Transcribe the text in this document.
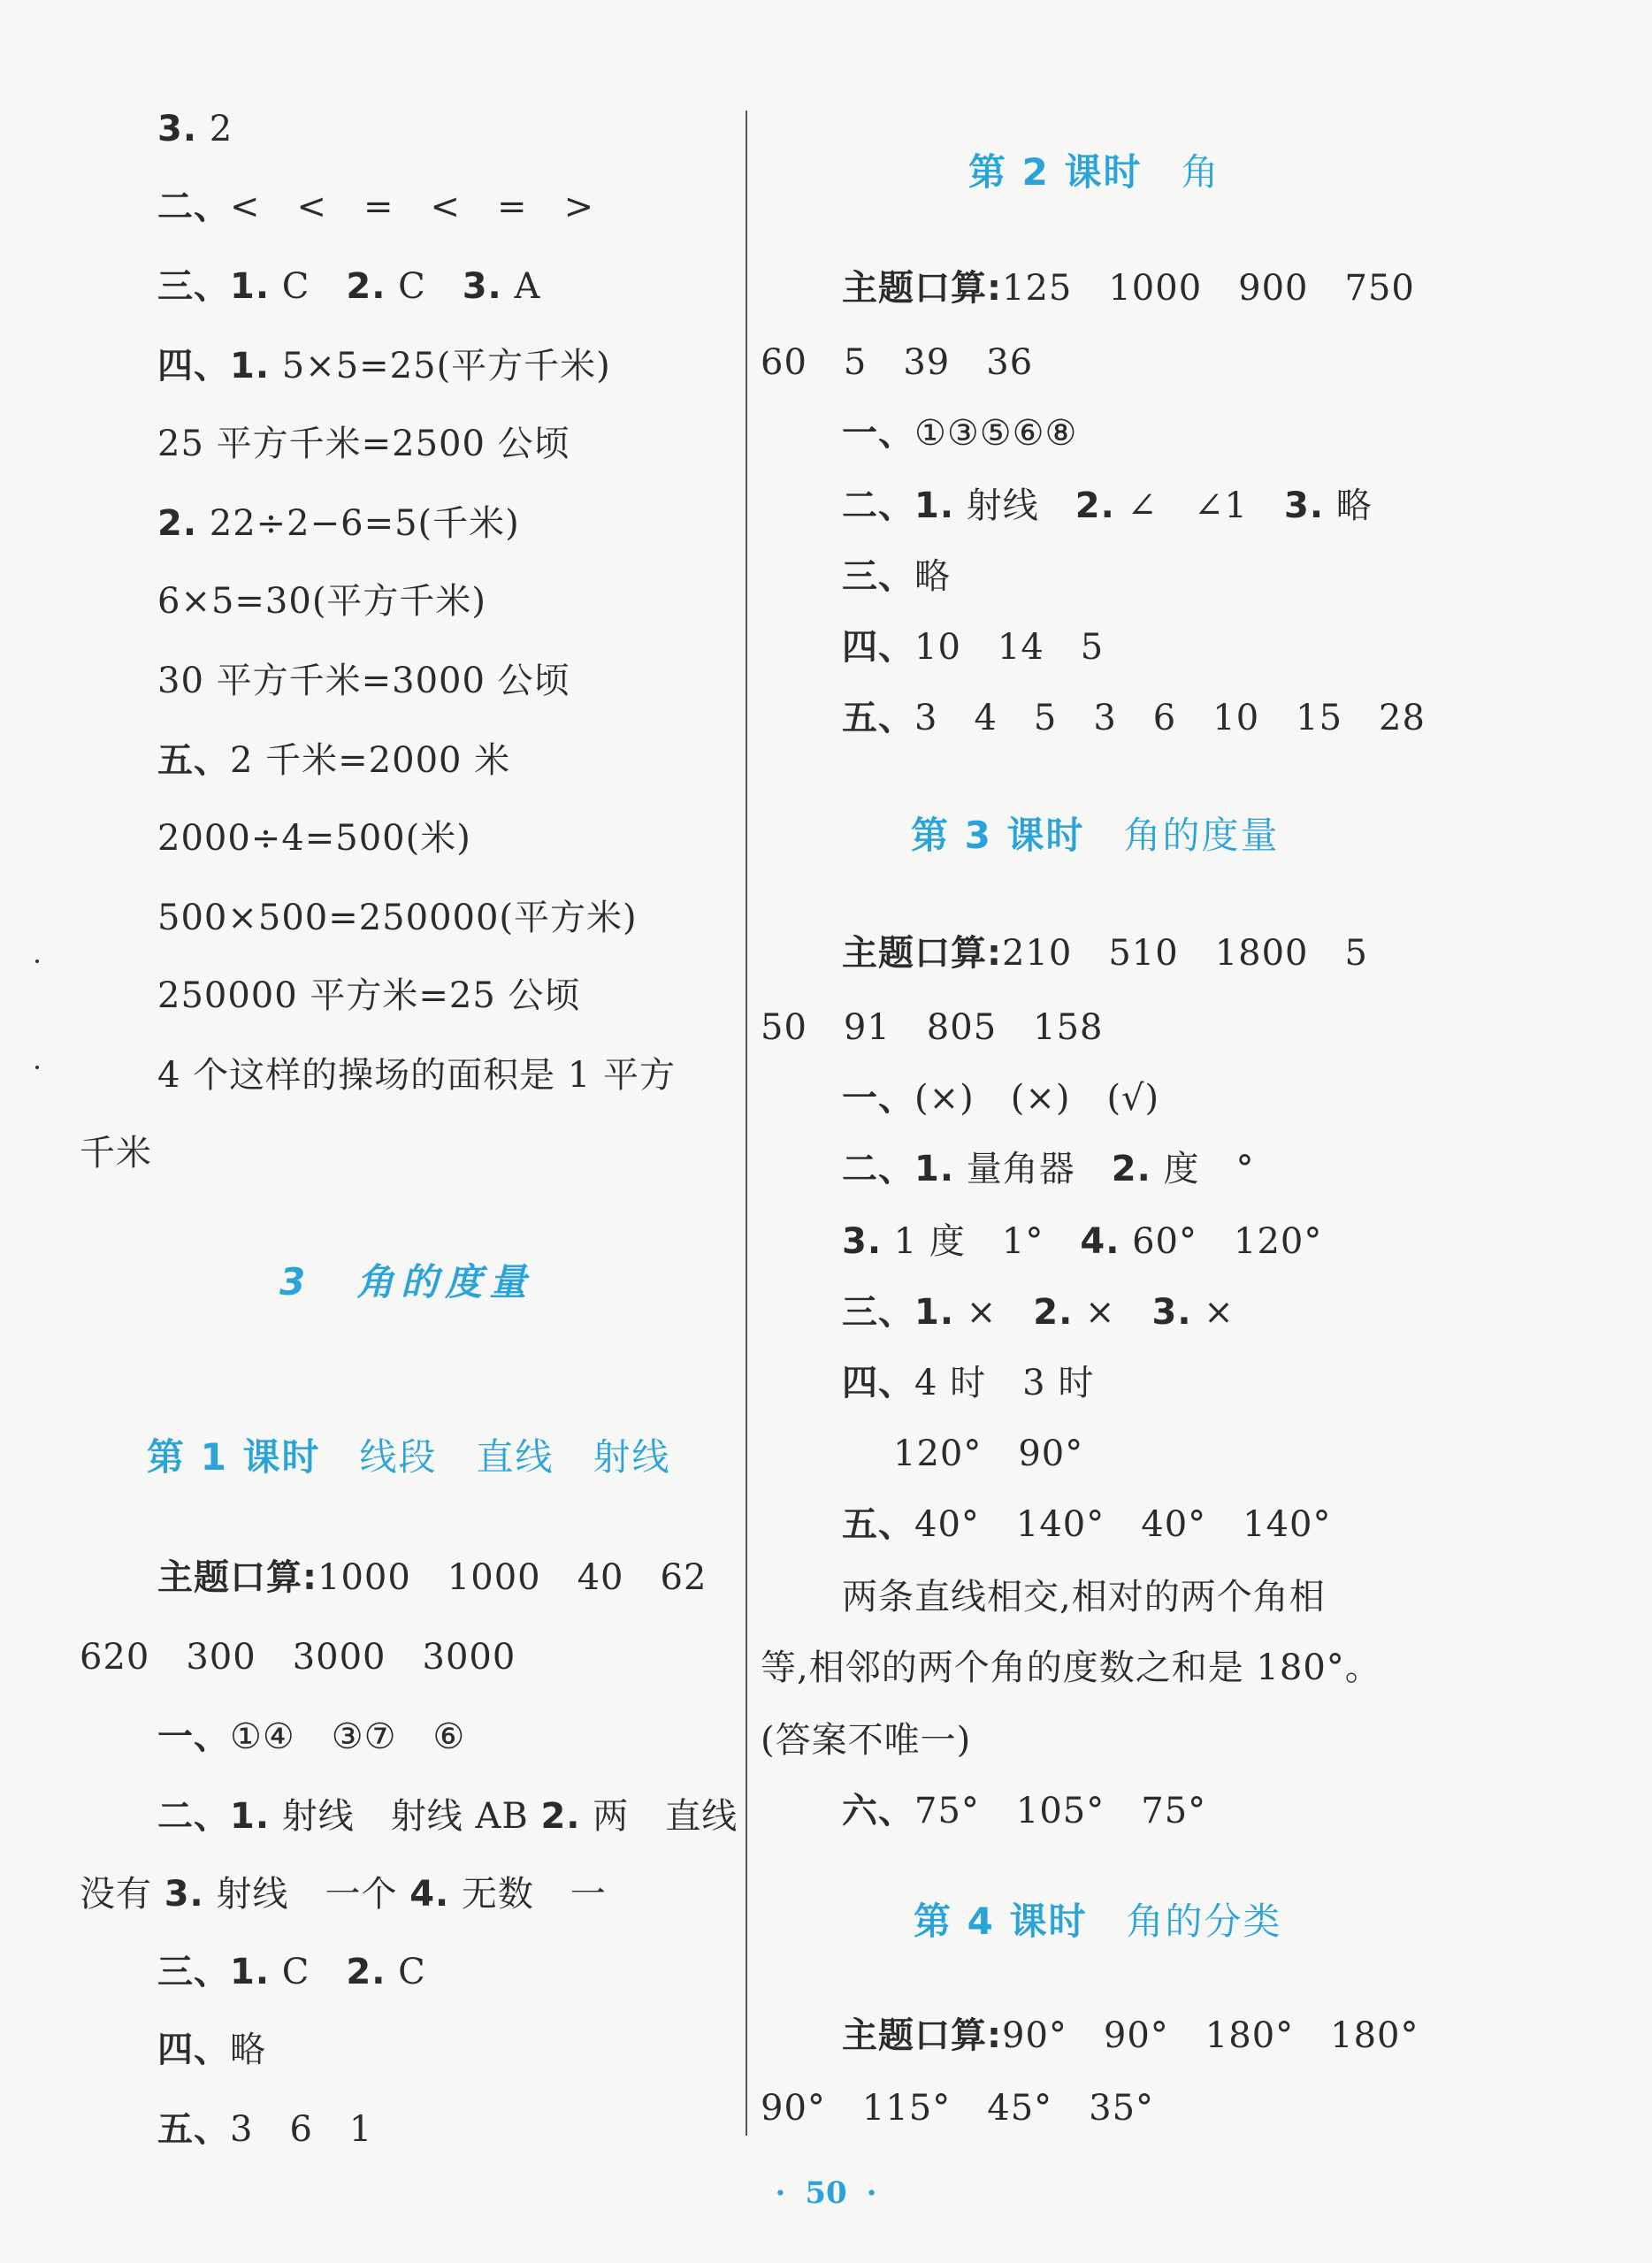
3. 2
二、<　<　=　<　=　>
三、1. C　2. C　3. A
四、1. 5×5=25(平方千米)
25 平方千米=2500 公顷
2. 22÷2−6=5(千米)
6×5=30(平方千米)
30 平方千米=3000 公顷
五、2 千米=2000 米
2000÷4=500(米)
500×500=250000(平方米)
250000 平方米=25 公顷
4 个这样的操场的面积是 1 平方
千米
3　 角的度量
第 1 课时　 线段　直线　射线
主题口算:1000　1000　40　62
620　300　3000　3000
一、①④　③⑦　⑥
二、1. 射线　射线 AB 2. 两　直线
没有 3. 射线　一个 4. 无数　一
三、1. C　2. C
四、略
五、3　6　1
第 2 课时　 角
主题口算:125　1000　900　750
60　5　39　36
一、①③⑤⑥⑧
二、1. 射线　2. ∠　∠1　3. 略
三、略
四、10　14　5
五、3　4　5　3　6　10　15　28
第 3 课时　 角的度量
主题口算:210　510　1800　5
50　91　805　158
一、(×)　(×)　(√)
二、1. 量角器　2. 度　°
3. 1 度　1°　4. 60°　120°
三、1. ×　2. ×　3. ×
四、4 时　3 时
120°　90°
五、40°　140°　40°　140°
两条直线相交,相对的两个角相
等,相邻的两个角的度数之和是 180°。
(答案不唯一)
六、75°　105°　75°
第 4 课时　 角的分类
主题口算:90°　90°　180°　180°
90°　115°　45°　35°
· 50 ·
